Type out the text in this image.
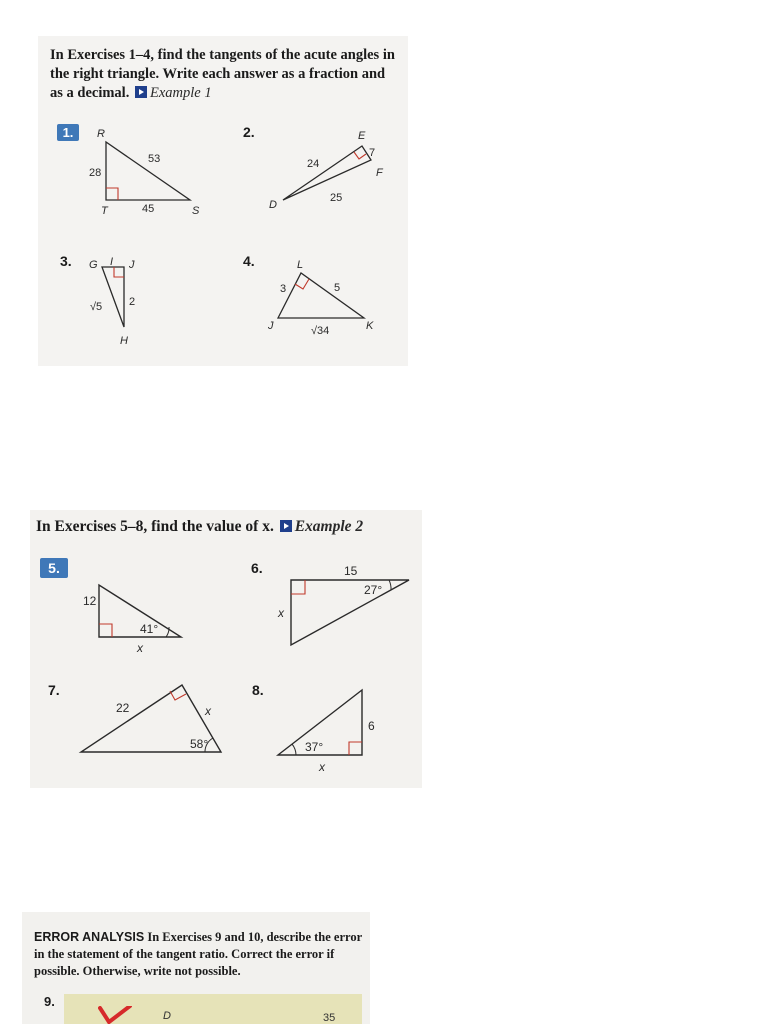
In Exercises 1–4, find the tangents of the acute angles in the right triangle. Write each answer as a fraction and as a decimal. Example 1
In Exercises 5–8, find the value of x. Example 2
ERROR ANALYSIS In Exercises 9 and 10, describe the error in the statement of the tangent ratio. Correct the error if possible. Otherwise, write not possible.
1.	2.
3.	4.
5.	6.
7.	8.
9.
R
T	S
28
45
53
E
F
D
24
7
25
G I J
H
√5 2
L
J	K
3	5
√34
12
41°
x
15
27°
x
22
58°
x
6
37°
x
D	35
